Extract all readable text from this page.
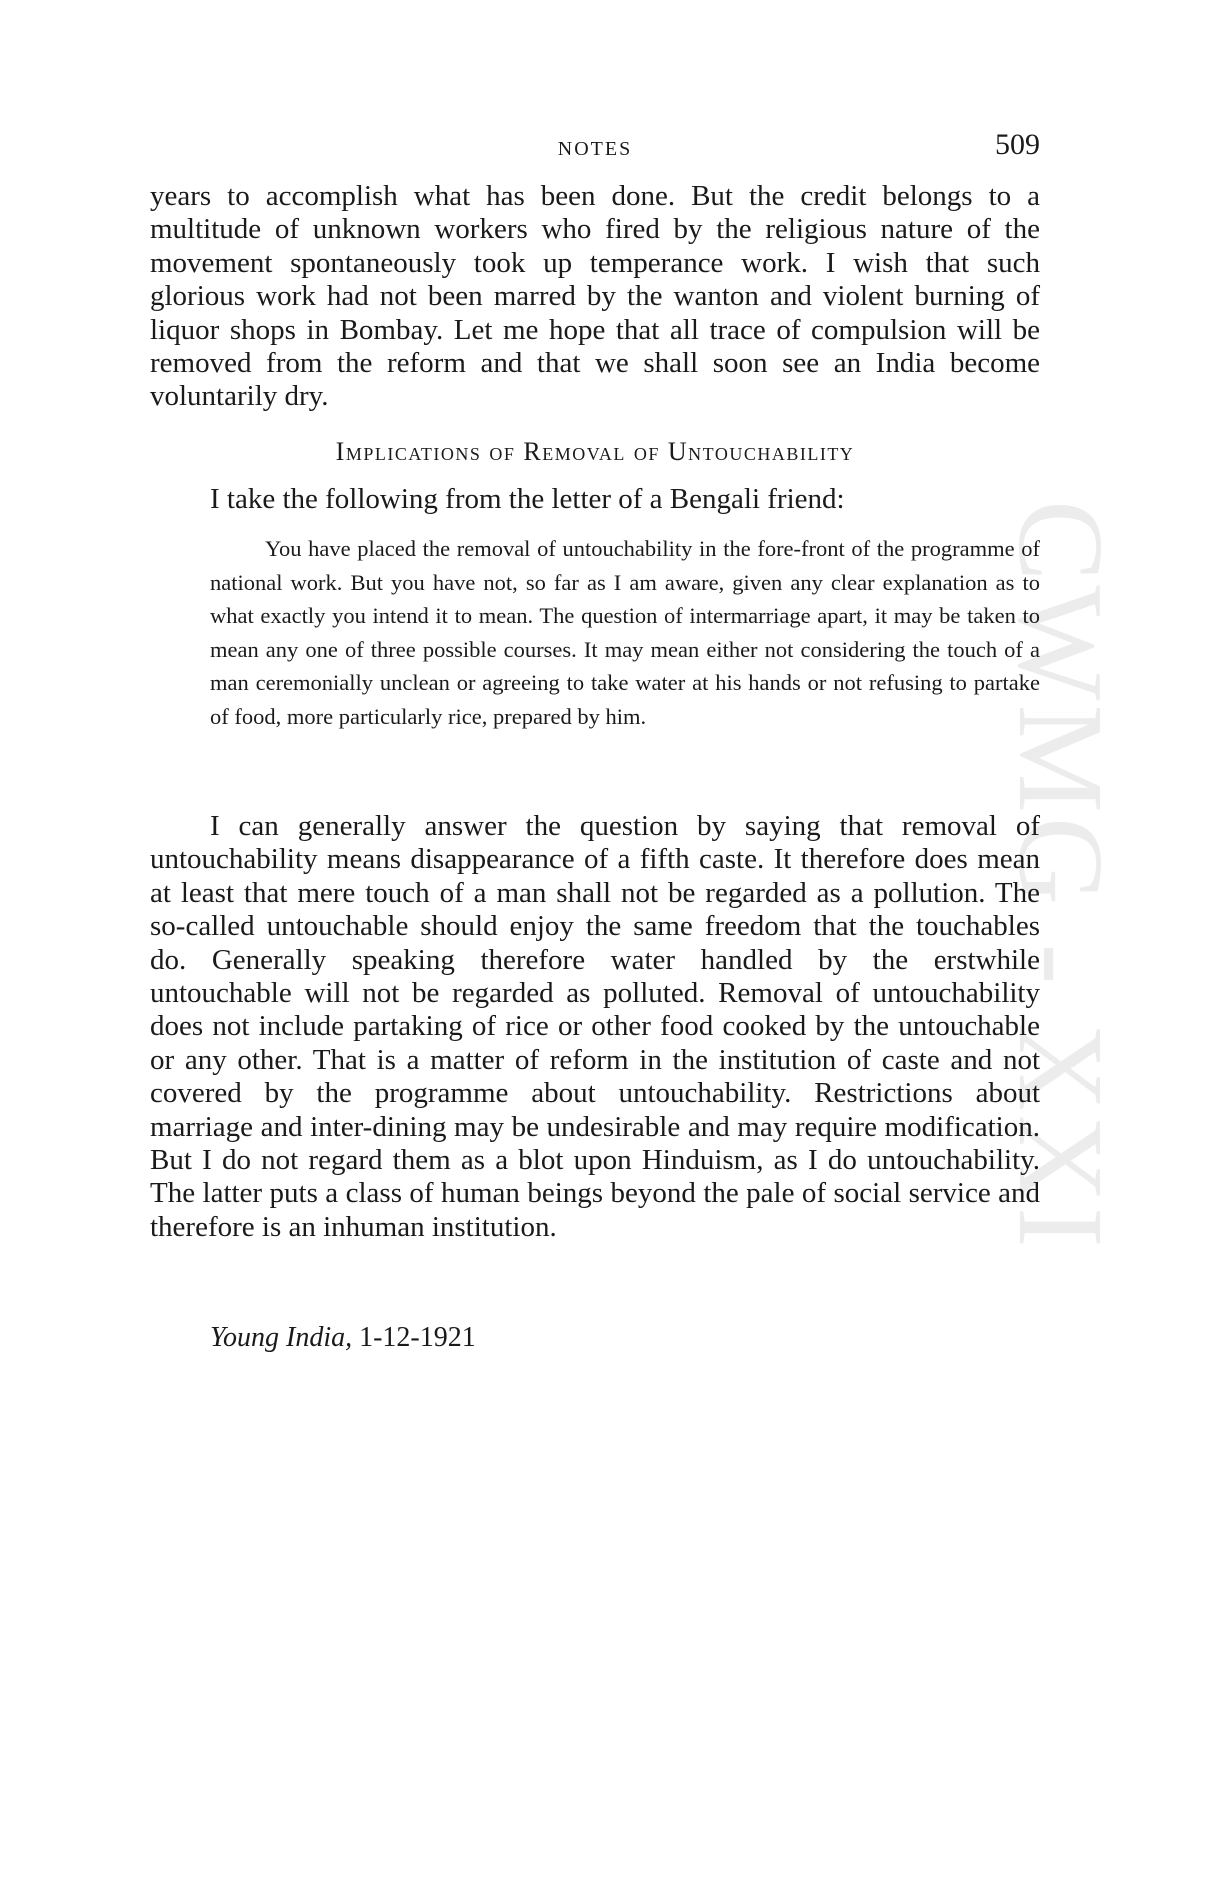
CWMG - XXI
NOTES	509

years to accomplish what has been done. But the credit belongs to a multitude of unknown workers who fired by the religious nature of the movement spontaneously took up temperance work. I wish that such glorious work had not been marred by the wanton and violent burning of liquor shops in Bombay. Let me hope that all trace of compulsion will be removed from the reform and that we shall soon see an India become voluntarily dry.

Implications of Removal of Untouchability

I take the following from the letter of a Bengali friend:

You have placed the removal of untouchability in the fore-front of the programme of national work. But you have not, so far as I am aware, given any clear explanation as to what exactly you intend it to mean. The question of intermarriage apart, it may be taken to mean any one of three possible courses. It may mean either not considering the touch of a man ceremonially unclean or agreeing to take water at his hands or not refusing to partake of food, more particularly rice, prepared by him.

I can generally answer the question by saying that removal of untouchability means disappearance of a fifth caste. It therefore does mean at least that mere touch of a man shall not be regarded as a pollution. The so-called untouchable should enjoy the same freedom that the touchables do. Generally speaking therefore water handled by the erstwhile untouchable will not be regarded as polluted. Removal of untouchability does not include partaking of rice or other food cooked by the untouchable or any other. That is a matter of reform in the institution of caste and not covered by the programme about untouchability. Restrictions about marriage and inter-dining may be undesirable and may require modification. But I do not regard them as a blot upon Hinduism, as I do untouchability. The latter puts a class of human beings beyond the pale of social service and therefore is an inhuman institution.

Young India, 1-12-1921
